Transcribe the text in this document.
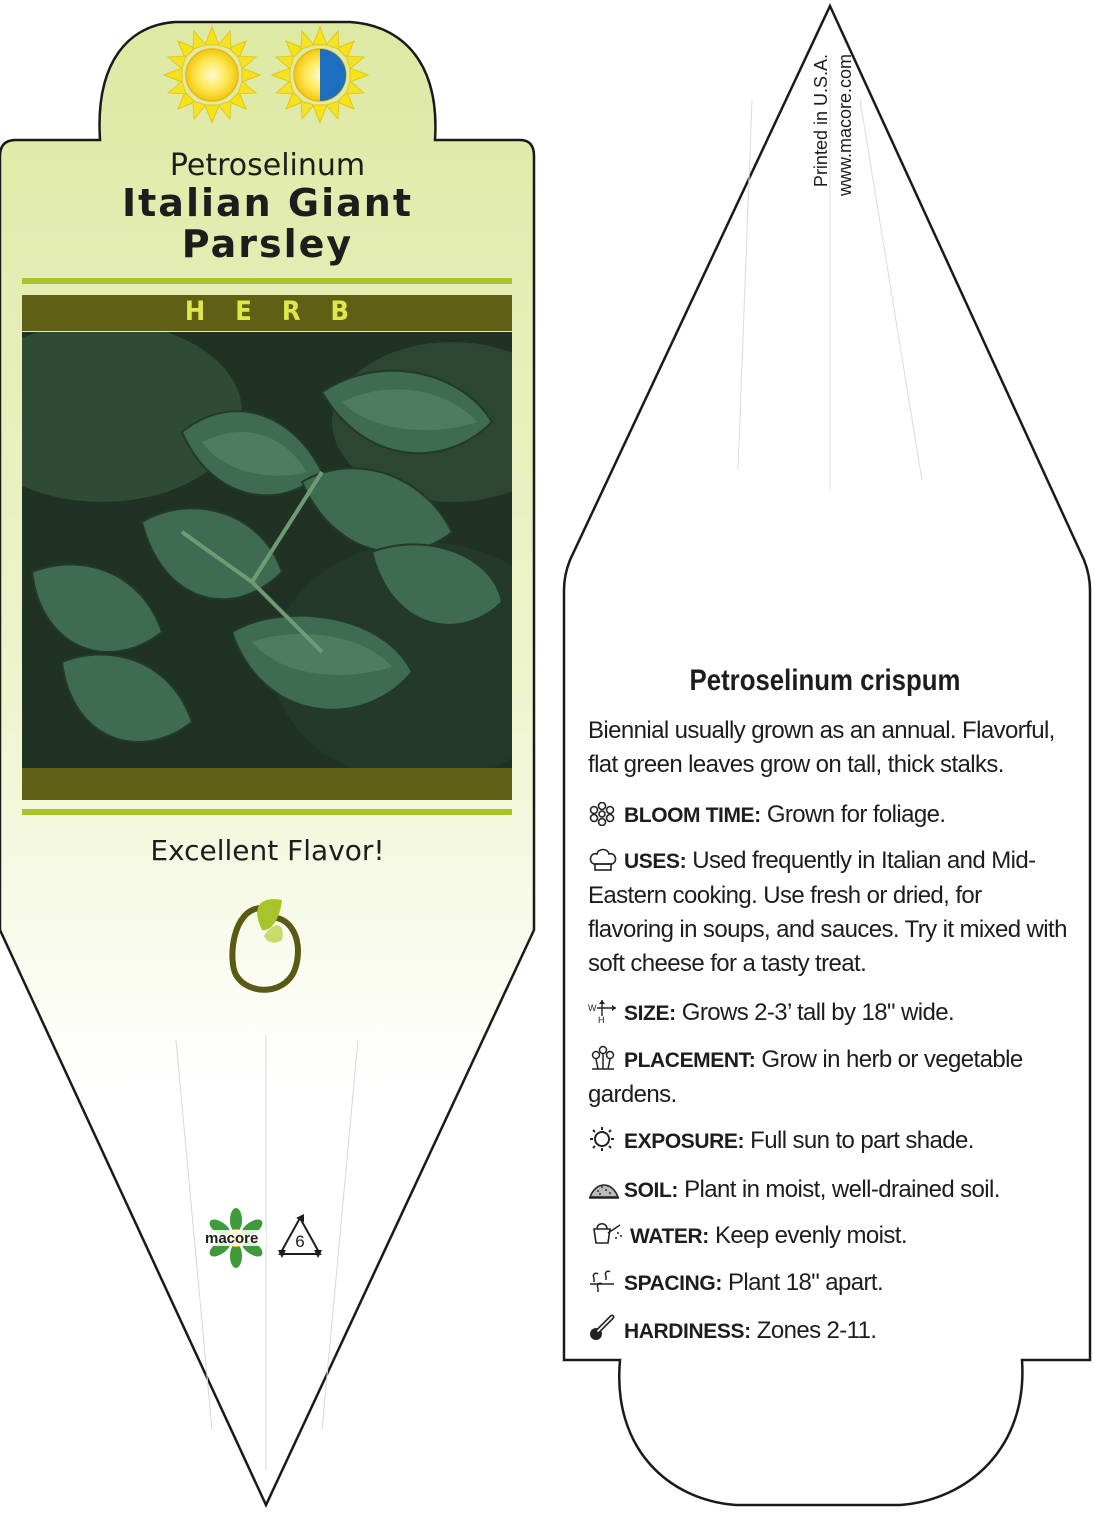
Petroselinum
Italian Giant
Parsley
HERB
Excellent Flavor!
macore	6
Printed in U.S.A. www.macore.com
Petroselinum crispum
Biennial usually grown as an annual. Flavorful, flat green leaves grow on tall, thick stalks.
BLOOM TIME: Grown for foliage.
USES: Used frequently in Italian and Mid-Eastern cooking. Use fresh or dried, for flavoring in soups, and sauces. Try it mixed with soft cheese for a tasty treat.
W
H SIZE: Grows 2-3’ tall by 18" wide.
PLACEMENT: Grow in herb or vegetable gardens.
EXPOSURE: Full sun to part shade.
SOIL: Plant in moist, well-drained soil.
WATER: Keep evenly moist.
SPACING: Plant 18" apart.
HARDINESS: Zones 2-11.
